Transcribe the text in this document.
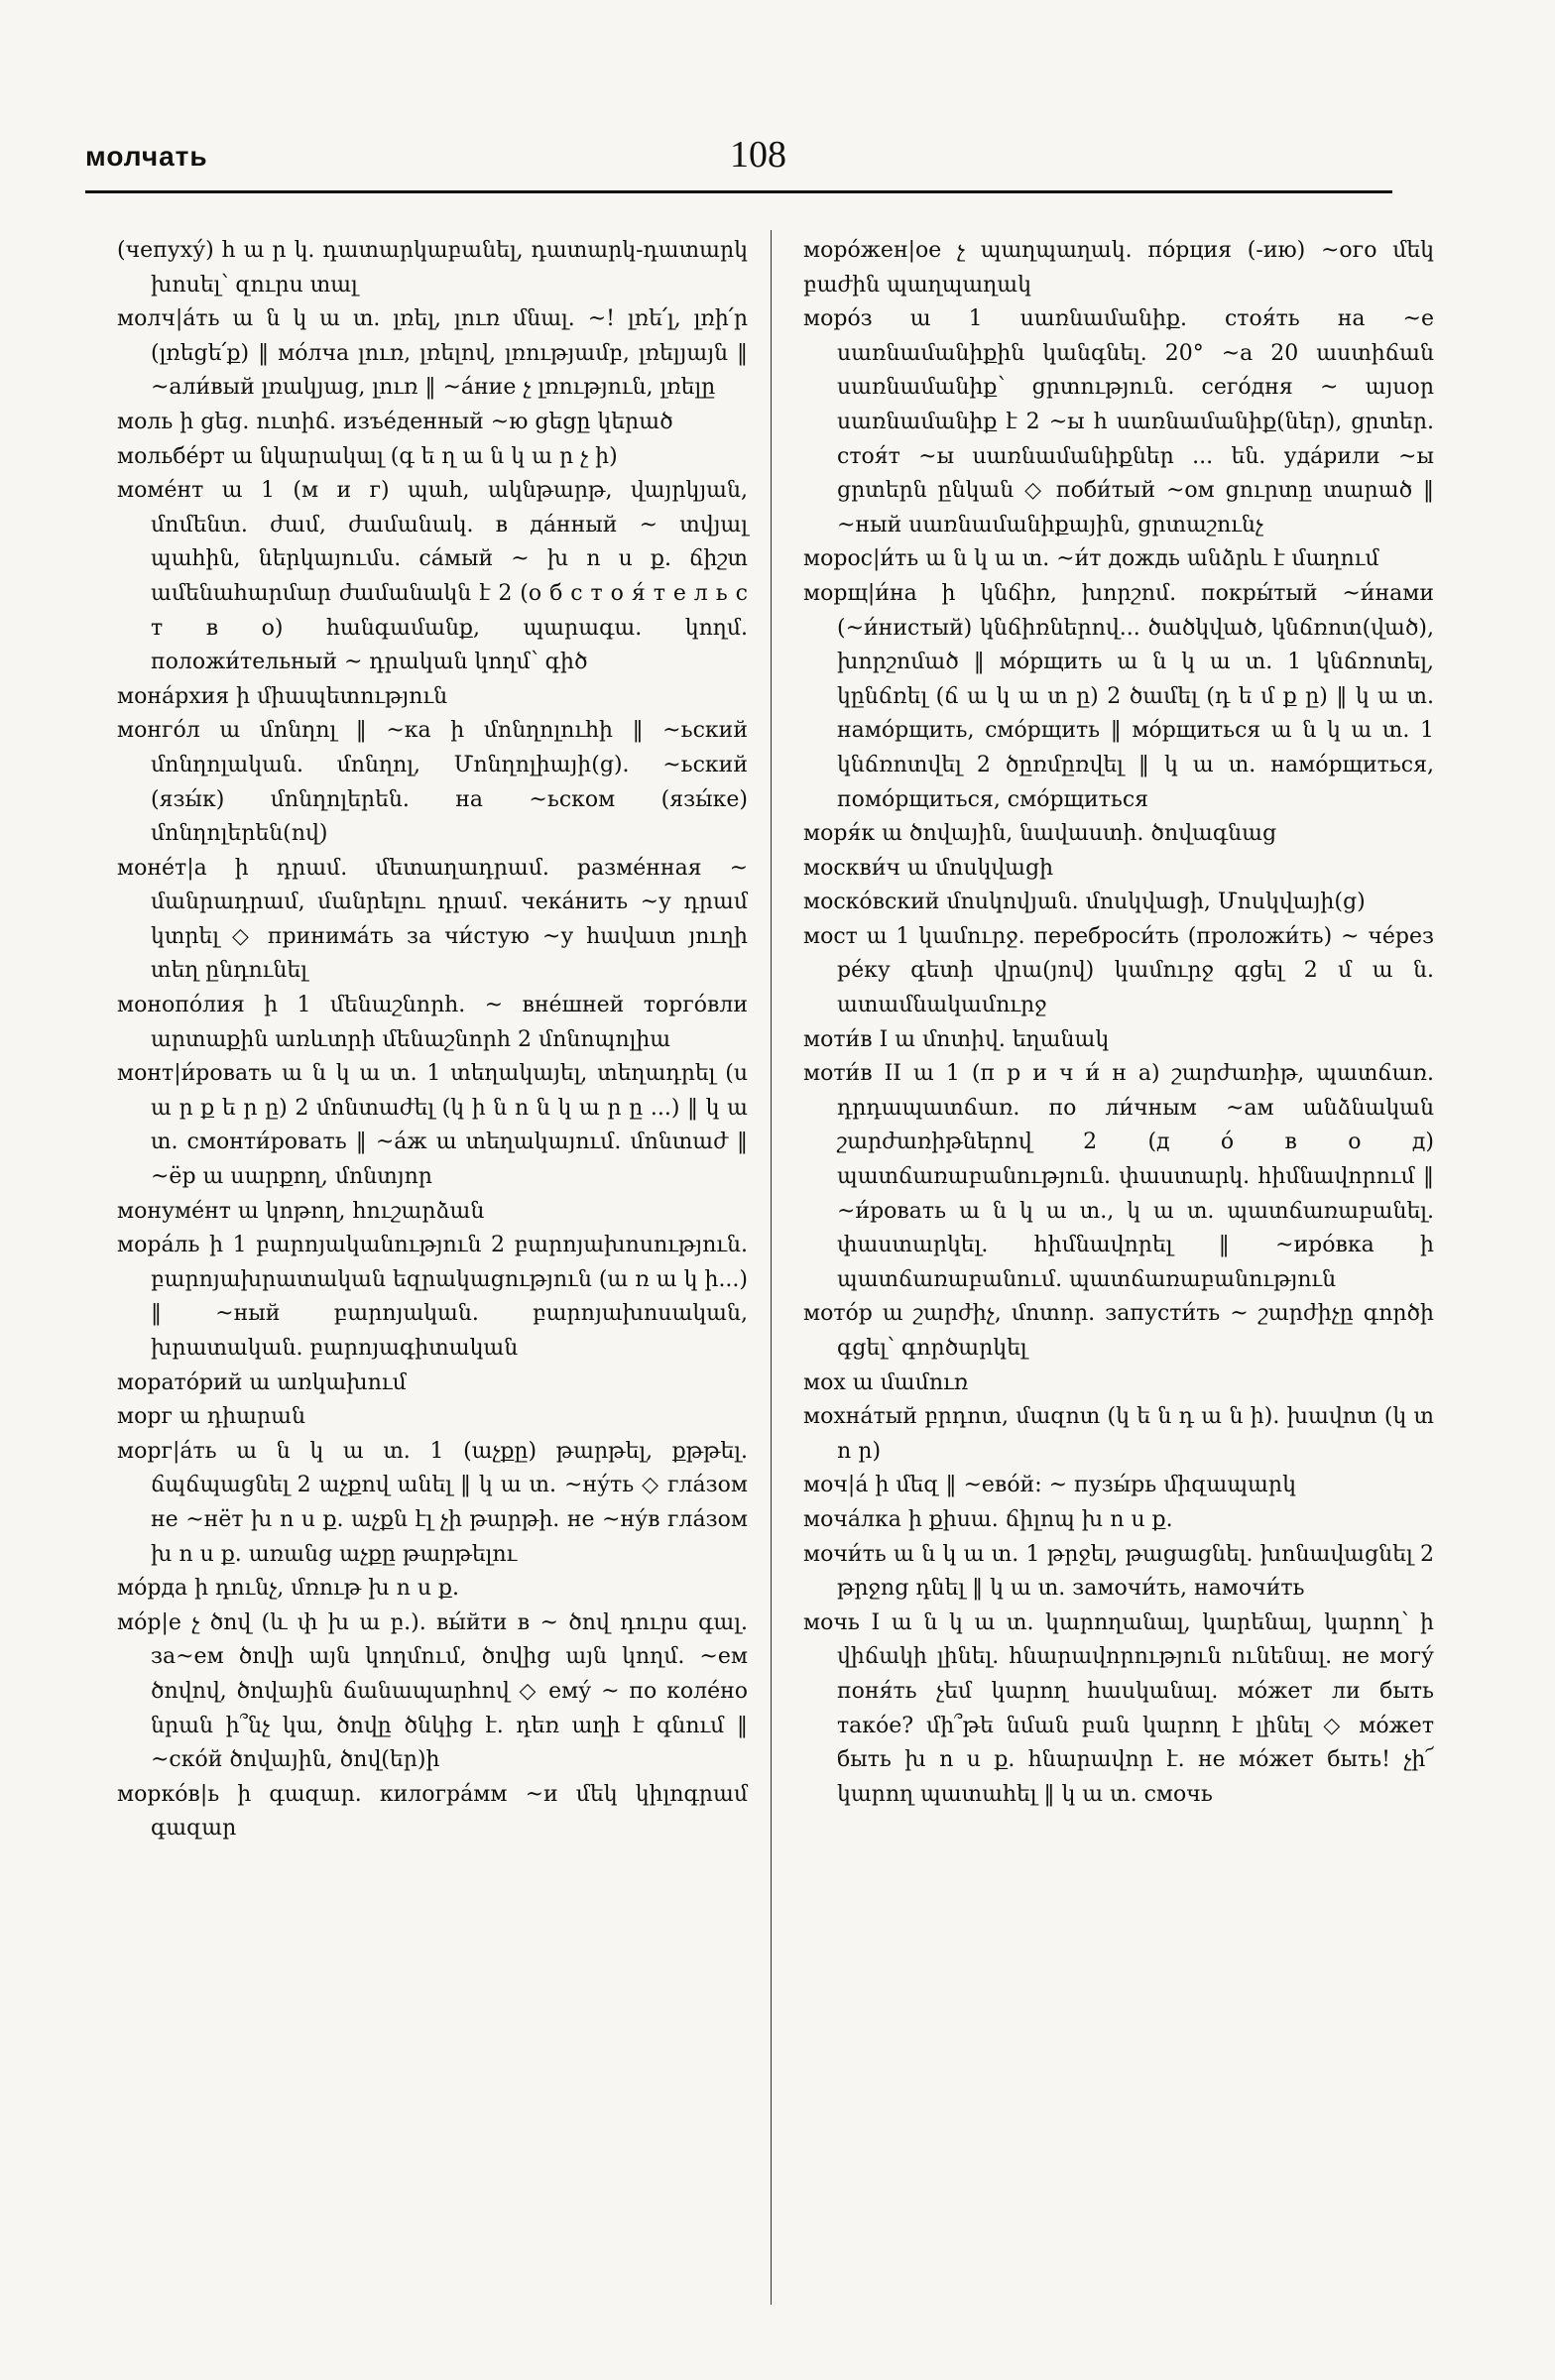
молчать	108

(чепуху́) հ ա ր կ. դատարկաբանել, դատարկ-դատարկ խոսել՝ զուրս տալ

молч|а́ть ա ն կ ա տ. լռել, լուռ մնալ. ~! լռե՛լ, լռի՛ր (լռեցե՛ք) ‖ мо́лча լուռ, լռելով, լռությամբ, լռելյայն ‖ ~али́вый լռակյաց, լուռ ‖ ~а́ние չ լռություն, լռելը

моль ի ցեց. ուտիճ. изъе́денный ~ю ցեցը կերած

мольбе́рт ա նկարակալ (գ ե ղ ա ն կ ա ր չ ի)

моме́нт ա 1 (м и г) պահ, ակնթարթ, վայրկյան, մոմենտ. ժամ, ժամանակ. в да́нный ~ տվյալ պահին, ներկայումս. са́мый ~ խ ո ս ք. ճիշտ ամենահարմար ժամանակն է 2 (о б с т о я́ т е л ь с т в о) հանգամանք, պարագա. կողմ. положи́тельный ~ դրական կողմ՝ գիծ

мона́рхия ի միապետություն

монго́л ա մոնղոլ ‖ ~ка ի մոնղոլուհի ‖ ~ьский մոնղոլական. մոնղոլ, Մոնղոլիայի(ց). ~ьский (язы́к) մոնղոլերեն. на ~ьском (язы́ке) մոնղոլերեն(ով)

моне́т|а ի դրամ. մետաղադրամ. разме́нная ~ մանրադրամ, մանրելու դրամ. чека́нить ~у դրամ կտրել ◇ принима́ть за чи́стую ~у հավատ յուղի տեղ ընդունել

монопо́лия ի 1 մենաշնորհ. ~ вне́шней торго́вли արտաքին առևտրի մենաշնորհ 2 մոնոպոլիա

монт|и́ровать ա ն կ ա տ. 1 տեղակայել, տեղադրել (ս ա ր ք ե ր ը) 2 մոնտաժել (կ ի ն ո ն կ ա ր ը ...) ‖ կ ա տ. смонти́ровать ‖ ~а́ж ա տեղակայում. մոնտաժ ‖ ~ёр ա սարքող, մոնտյոր

монуме́нт ա կոթող, հուշարձան

мора́ль ի 1 բարոյականություն 2 բարոյախոսություն. բարոյախրատական եզրակացություն (ա ռ ա կ ի...) ‖ ~ный բարոյական. բարոյախոսական, խրատական. բարոյագիտական

морато́рий ա առկախում

морг ա դիարան

морг|а́ть ա ն կ ա տ. 1 (աչքը) թարթել, քթթել. ճպճպացնել 2 աչքով անել ‖ կ ա տ. ~ну́ть ◇ гла́зом не ~нёт խ ո ս ք. աչքն էլ չի թարթի. не ~ну́в гла́зом խ ո ս ք. առանց աչքը թարթելու

мо́рда ի դունչ, մռութ խ ո ս ք.

мо́р|е չ ծով (և փ խ ա բ.). вы́йти в ~ ծով դուրս գալ. за~ем ծովի այն կողմում, ծովից այն կողմ. ~ем ծովով, ծովային ճանապարհով ◇ ему́ ~ по коле́но նրան ի՞նչ կա, ծովը ծնկից է. դեռ աղի է գնում ‖ ~ско́й ծովային, ծով(եր)ի

морко́в|ь ի գազար. килогра́мм ~и մեկ կիլոգրամ գազար

моро́жен|ое չ պաղպաղակ. по́рция (-ию) ~ого մեկ բաժին պաղպաղակ

моро́з ա 1 սառնամանիք. стоя́ть на ~е սառնամանիքին կանգնել. 20° ~а 20 աստիճան սառնամանիք՝ ցրտություն. сего́дня ~ այսօր սառնամանիք է 2 ~ы հ սառնամանիք(ներ), ցրտեր. стоя́т ~ы սառնամանիքներ ... են. уда́рили ~ы ցրտերն ընկան ◇ поби́тый ~ом ցուրտը տարած ‖ ~ный սառնամանիքային, ցրտաշունչ

морос|и́ть ա ն կ ա տ. ~и́т дождь անձրև է մաղում

морщ|и́на ի կնճիռ, խորշոմ. покры́тый ~и́нами (~и́нистый) կնճիռներով... ծածկված, կնճռոտ(ված), խորշոմած ‖ мо́рщить ա ն կ ա տ. 1 կնճռոտել, կընճռել (ճ ա կ ա տ ը) 2 ծամել (դ ե մ ք ը) ‖ կ ա տ. намо́рщить, смо́рщить ‖ мо́рщиться ա ն կ ա տ. 1 կնճռոտվել 2 ծըռմըռվել ‖ կ ա տ. намо́рщиться, помо́рщиться, смо́рщиться

моря́к ա ծովային, նավաստի. ծովագնաց

москви́ч ա մոսկվացի

моско́вский մոսկովյան. մոսկվացի, Մոսկվայի(ց)

мост ա 1 կամուրջ. переброси́ть (проложи́ть) ~ че́рез ре́ку գետի վրա(յով) կամուրջ գցել 2 մ ա ն. ատամնակամուրջ

моти́в I ա մոտիվ. եղանակ

моти́в II ա 1 (п р и ч и́ н а) շարժառիթ, պատճառ. դրդապատճառ. по ли́чным ~ам անձնական շարժառիթներով 2 (д о́ в о д) պատճառաբանություն. փաստարկ. հիմնավորում ‖ ~и́ровать ա ն կ ա տ., կ ա տ. պատճառաբանել. փաստարկել. հիմնավորել ‖ ~иро́вка ի պատճառաբանում. պատճառաբանություն

мото́р ա շարժիչ, մոտոր. запусти́ть ~ շարժիչը գործի գցել՝ գործարկել

мох ա մամուռ

мохна́тый բրդոտ, մազոտ (կ ե ն դ ա ն ի). խավոտ (կ տ ո ր)

моч|а́ ի մեզ ‖ ~ево́й: ~ пузы́рь միզապարկ

моча́лка ի քիսա. ճիլոպ խ ո ս ք.

мочи́ть ա ն կ ա տ. 1 թրջել, թացացնել. խոնավացնել 2 թրջոց դնել ‖ կ ա տ. замочи́ть, намочи́ть

мочь I ա ն կ ա տ. կարողանալ, կարենալ, կարող՝ ի վիճակի լինել. հնարավորություն ունենալ. не могу́ поня́ть չեմ կարող հասկանալ. мо́жет ли быть тако́е? մի՞թե նման բան կարող է լինել ◇ мо́жет быть խ ո ս ք. հնարավոր է. не мо́жет быть! չի՜ կարող պատահել ‖ կ ա տ. смочь
